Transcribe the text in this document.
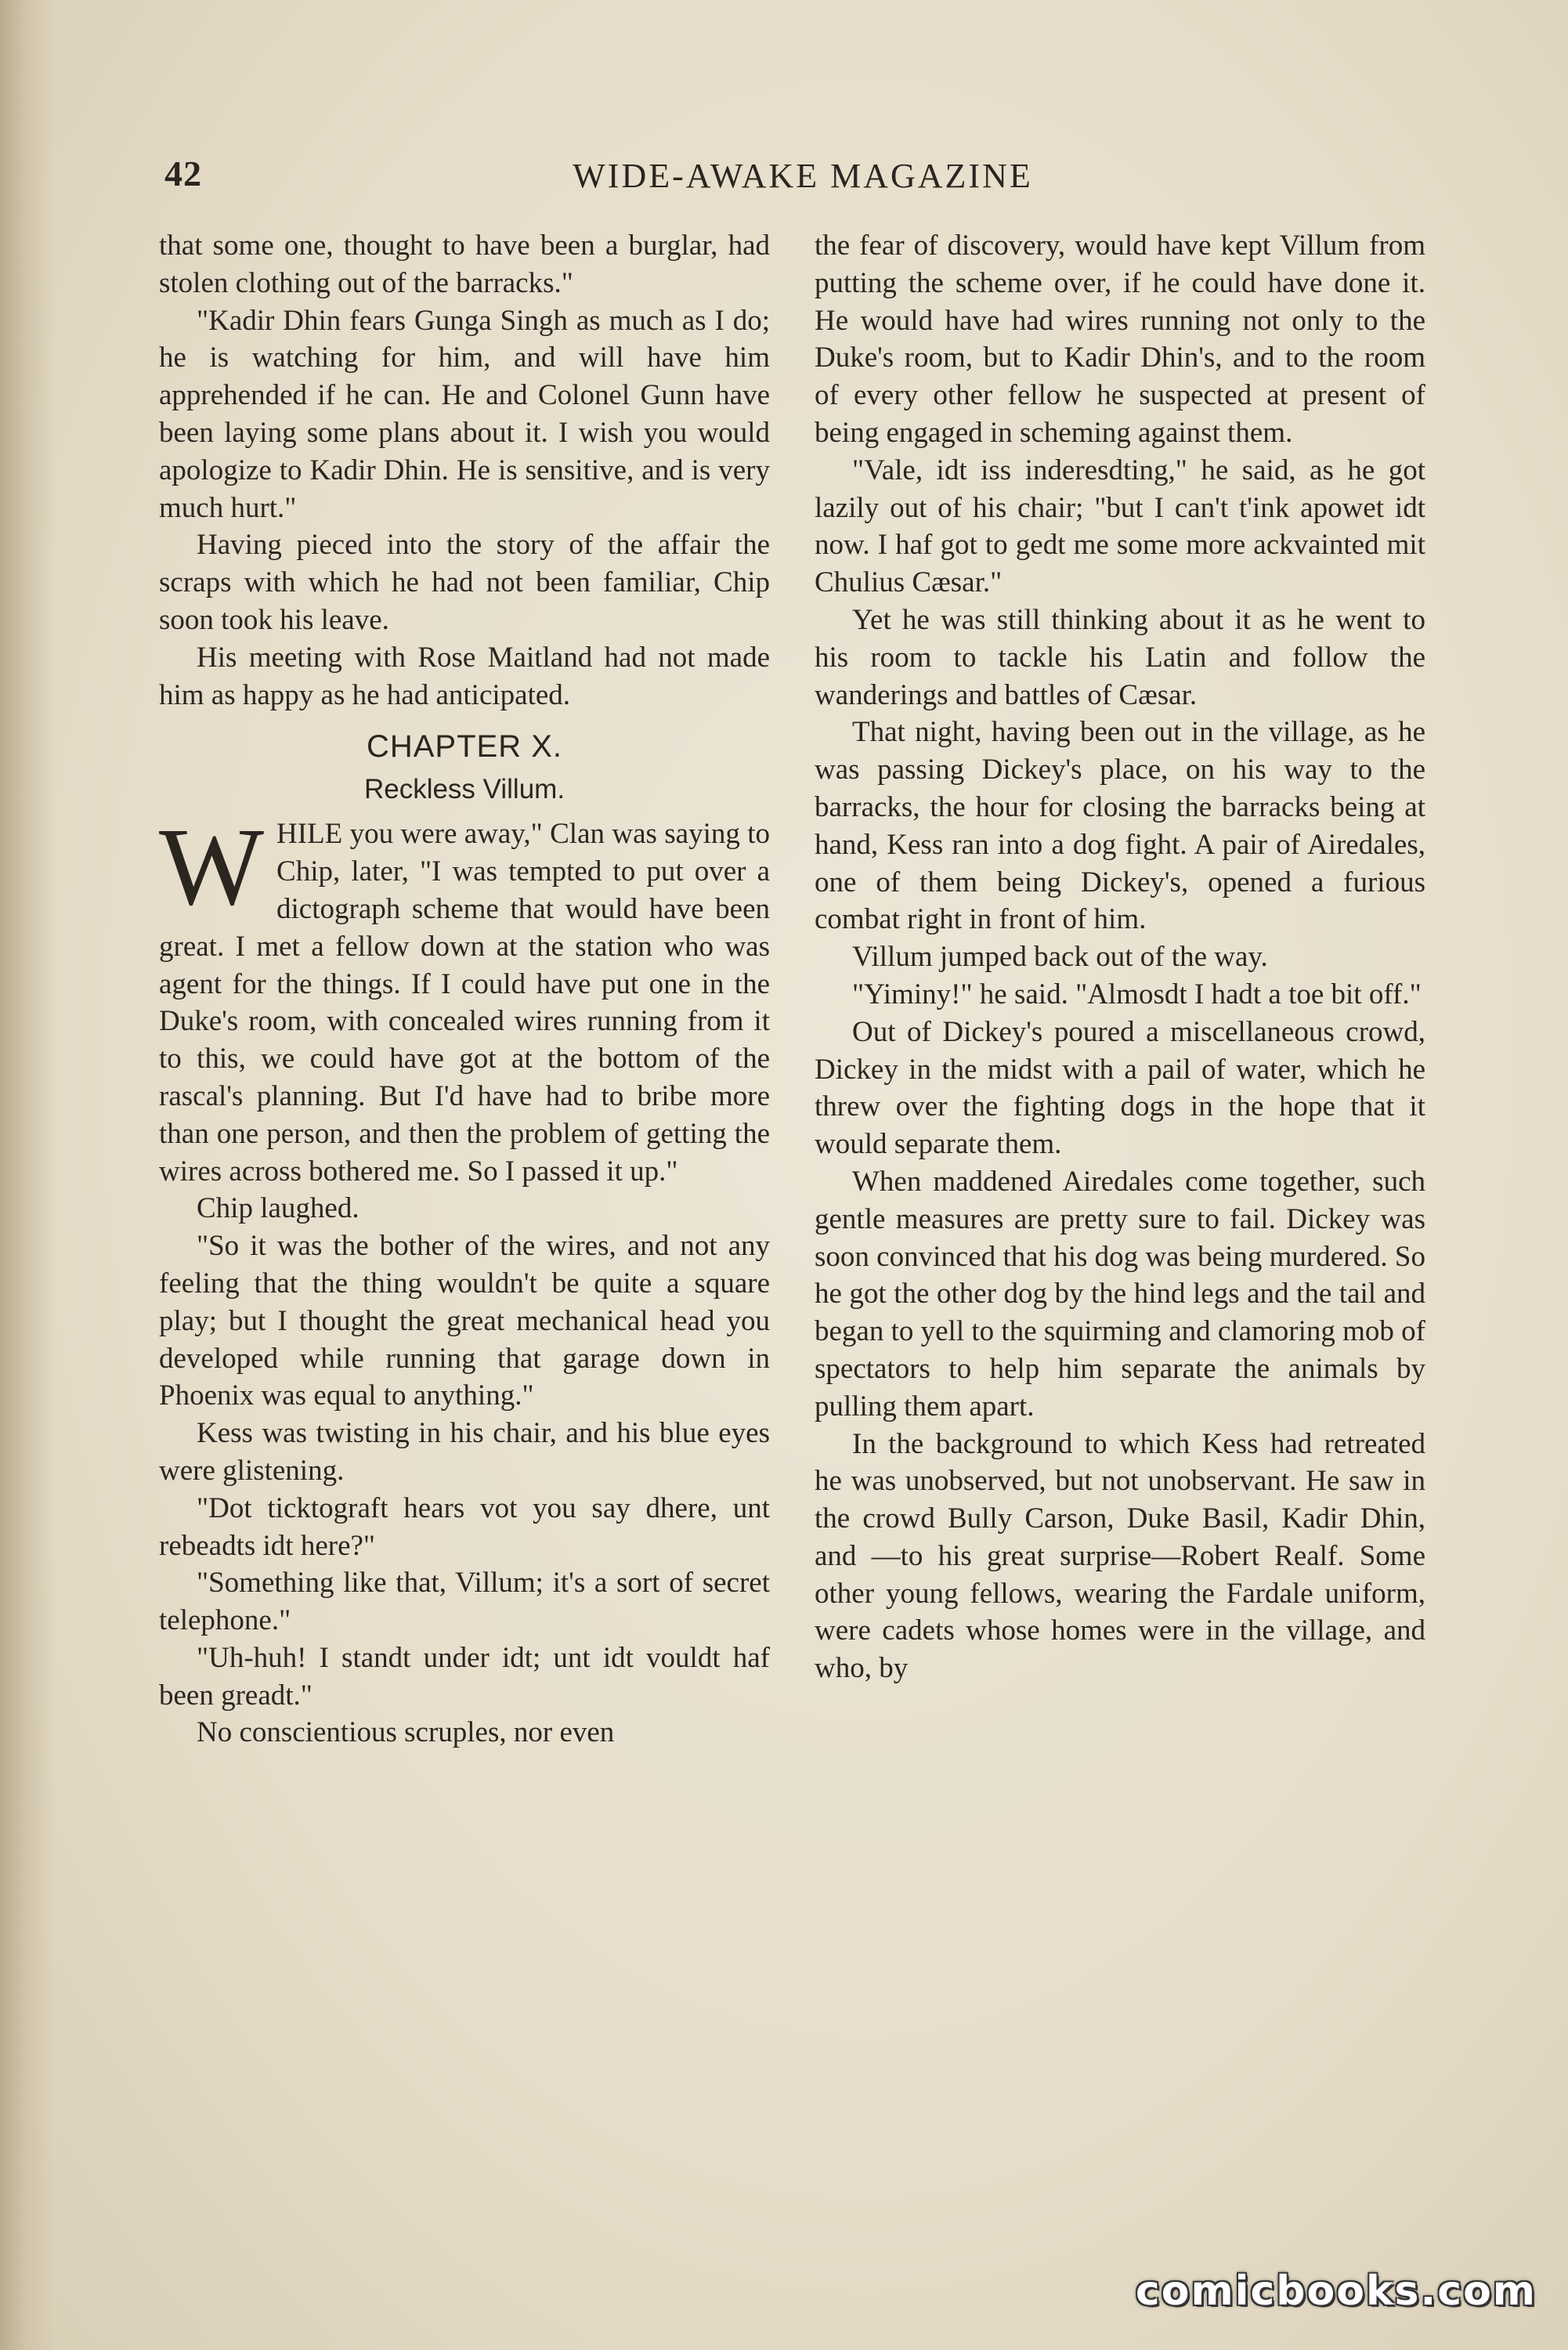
42	WIDE-AWAKE MAGAZINE

that some one, thought to have been a burglar, had stolen clothing out of the barracks."

"Kadir Dhin fears Gunga Singh as much as I do; he is watching for him, and will have him apprehended if he can. He and Colonel Gunn have been laying some plans about it. I wish you would apologize to Kadir Dhin. He is sensitive, and is very much hurt."

Having pieced into the story of the affair the scraps with which he had not been familiar, Chip soon took his leave.

His meeting with Rose Maitland had not made him as happy as he had anticipated.

CHAPTER X.
Reckless Villum.

WHILE you were away," Clan was saying to Chip, later, "I was tempted to put over a dictograph scheme that would have been great. I met a fellow down at the station who was agent for the things. If I could have put one in the Duke's room, with concealed wires running from it to this, we could have got at the bottom of the rascal's planning. But I'd have had to bribe more than one person, and then the problem of getting the wires across bothered me. So I passed it up."

Chip laughed.

"So it was the bother of the wires, and not any feeling that the thing wouldn't be quite a square play; but I thought the great mechanical head you developed while running that garage down in Phoenix was equal to anything."

Kess was twisting in his chair, and his blue eyes were glistening.

"Dot ticktograft hears vot you say dhere, unt rebeadts idt here?"

"Something like that, Villum; it's a sort of secret telephone."

"Uh-huh! I standt under idt; unt idt vouldt haf been greadt."

No conscientious scruples, nor even

the fear of discovery, would have kept Villum from putting the scheme over, if he could have done it. He would have had wires running not only to the Duke's room, but to Kadir Dhin's, and to the room of every other fellow he suspected at present of being engaged in scheming against them.

"Vale, idt iss inderesdting," he said, as he got lazily out of his chair; "but I can't t'ink apowet idt now. I haf got to gedt me some more ackvainted mit Chulius Cæsar."

Yet he was still thinking about it as he went to his room to tackle his Latin and follow the wanderings and battles of Cæsar.

That night, having been out in the village, as he was passing Dickey's place, on his way to the barracks, the hour for closing the barracks being at hand, Kess ran into a dog fight. A pair of Airedales, one of them being Dickey's, opened a furious combat right in front of him.

Villum jumped back out of the way.

"Yiminy!" he said. "Almosdt I hadt a toe bit off."

Out of Dickey's poured a miscellaneous crowd, Dickey in the midst with a pail of water, which he threw over the fighting dogs in the hope that it would separate them.

When maddened Airedales come together, such gentle measures are pretty sure to fail. Dickey was soon convinced that his dog was being murdered. So he got the other dog by the hind legs and the tail and began to yell to the squirming and clamoring mob of spectators to help him separate the animals by pulling them apart.

In the background to which Kess had retreated he was unobserved, but not unobservant. He saw in the crowd Bully Carson, Duke Basil, Kadir Dhin, and —to his great surprise—Robert Realf. Some other young fellows, wearing the Fardale uniform, were cadets whose homes were in the village, and who, by

comicbooks.com
